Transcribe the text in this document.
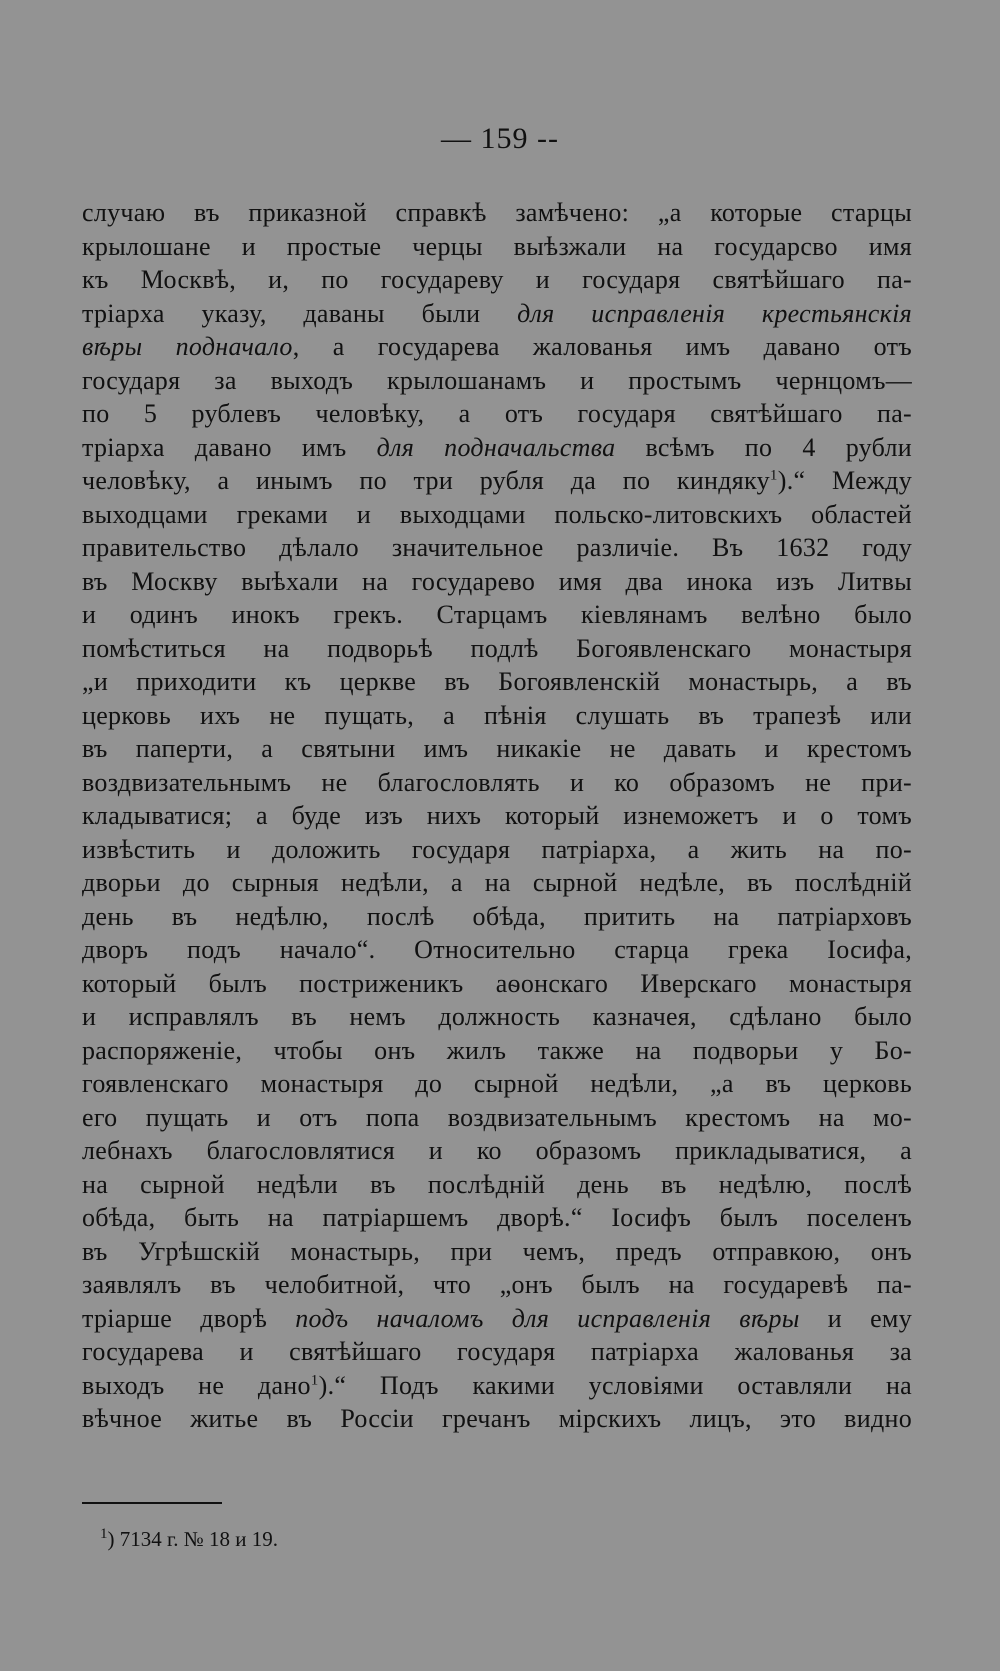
— 159 --
случаю въ приказной справкѣ замѣчено: „а которые старцы
крылошане и простые черцы выѣзжали на государсво имя
къ Москвѣ, и, по государеву и государя святѣйшаго па-
тріарха указу, даваны были для исправленія крестьянскія
вѣры подначало, а государева жалованья имъ давано отъ
государя за выходъ крылошанамъ и простымъ чернцомъ—
по 5 рублевъ человѣку, а отъ государя святѣйшаго па-
тріарха давано имъ для подначальства всѣмъ по 4 рубли
человѣку, а инымъ по три рубля да по киндяку$^1$).“ Между
выходцами греками и выходцами польско-литовскихъ областей
правительство дѣлало значительное различіе. Въ 1632 году
въ Москву выѣхали на государево имя два инока изъ Литвы
и одинъ инокъ грекъ. Старцамъ кіевлянамъ велѣно было
помѣститься на подворьѣ подлѣ Богоявленскаго монастыря
„и приходити къ церкве въ Богоявленскій монастырь, а въ
церковь ихъ не пущать, а пѣнія слушать въ трапезѣ или
въ паперти, а святыни имъ никакіе не давать и крестомъ
воздвизательнымъ не благословлять и ко образомъ не при-
кладыватися; а буде изъ нихъ который изнеможетъ и о томъ
извѣстить и доложить государя патріарха, а жить на по-
дворьи до сырныя недѣли, а на сырной недѣле, въ послѣдній
день въ недѣлю, послѣ обѣда, притить на патріарховъ
дворъ подъ начало“. Относительно старца грека Іосифа,
который былъ постриженикъ аѳонскаго Иверскаго монастыря
и исправлялъ въ немъ должность казначея, сдѣлано было
распоряженіе, чтобы онъ жилъ также на подворьи у Бо-
гоявленскаго монастыря до сырной недѣли, „а въ церковь
его пущать и отъ попа воздвизательнымъ крестомъ на мо-
лебнахъ благословлятися и ко образомъ прикладыватися, а
на сырной недѣли въ послѣдній день въ недѣлю, послѣ
обѣда, быть на патріаршемъ дворѣ.“ Іосифъ былъ поселенъ
въ Угрѣшскій монастырь, при чемъ, предъ отправкою, онъ
заявлялъ въ челобитной, что „онъ былъ на государевѣ па-
тріарше дворѣ подъ началомъ для исправленія вѣры и ему
государева и святѣйшаго государя патріарха жалованья за
выходъ не дано$^1$).“ Подъ какими условіями оставляли на
вѣчное житье въ Россіи гречанъ мірскихъ лицъ, это видно
$^1$) 7134 г. № 18 и 19.
